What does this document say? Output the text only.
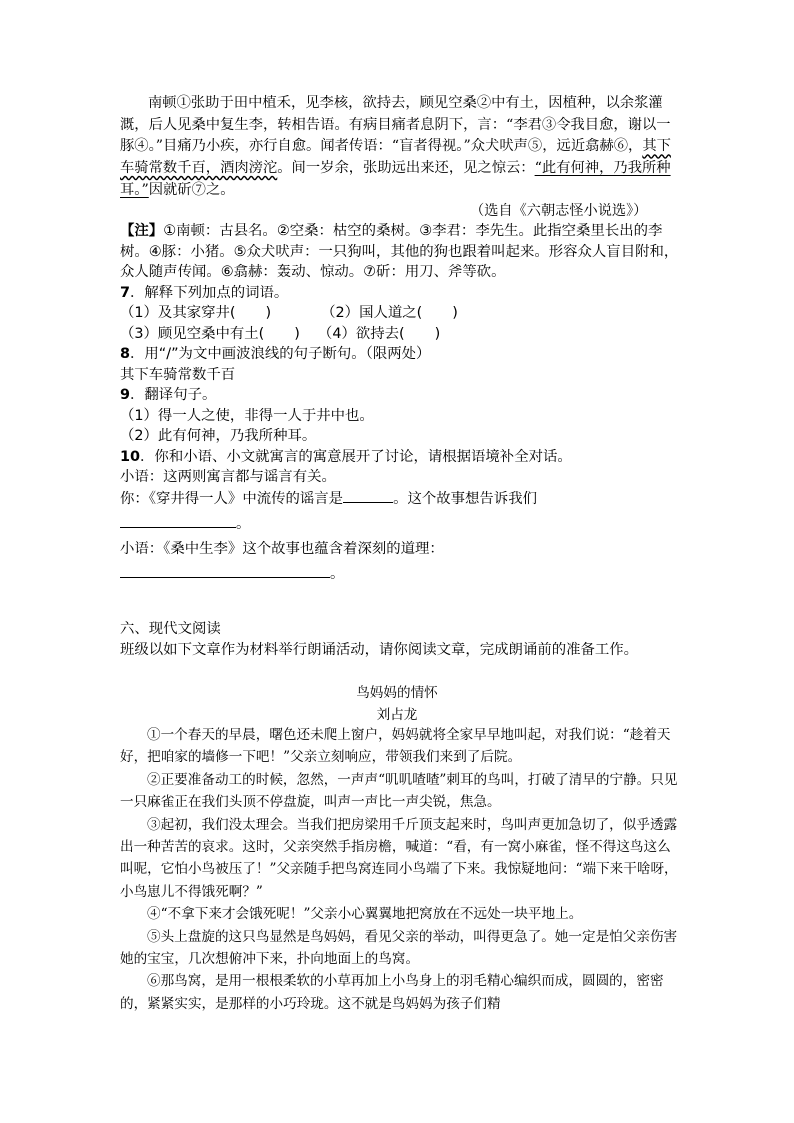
南顿①张助于田中植禾，见李核，欲持去，顾见空桑②中有土，因植种，以余浆灌溉，后人见桑中复生李，转相告语。有病目痛者息阴下，言：“李君③令我目愈，谢以一豚④。”目痛乃小疾，亦行自愈。闻者传语：“盲者得视。”众犬吠声⑤，远近翕赫⑥，其下车骑常数千百，酒肉滂沱。间一岁余，张助远出来还，见之惊云：“此有何神，乃我所种耳。”因就斫⑦之。

（选自《六朝志怪小说选》）
【注】①南顿：古县名。②空桑：枯空的桑树。③李君：李先生。此指空桑里长出的李树。④豚：小猪。⑤众犬吠声：一只狗叫，其他的狗也跟着叫起来。形容众人盲目附和，众人随声传闻。⑥翕赫：轰动、惊动。⑦斫：用刀、斧等砍。
7．解释下列加点的词语。
（1）及其家穿井( )	（2）国人道之( )
（3）顾见空桑中有土( ) （4）欲持去( )
8．用“/”为文中画波浪线的句子断句。（限两处）
其下车骑常数千百
9．翻译句子。
（1）得一人之使，非得一人于井中也。
（2）此有何神，乃我所种耳。
10．你和小语、小文就寓言的寓意展开了讨论，请根据语境补全对话。
小语：这两则寓言都与谣言有关。
你：《穿井得一人》中流传的谣言是	。这个故事想告诉我们
。
小语：《桑中生李》这个故事也蕴含着深刻的道理：
。
六、现代文阅读
班级以如下文章作为材料举行朗诵活动，请你阅读文章，完成朗诵前的准备工作。
鸟妈妈的情怀
刘占龙

①一个春天的早晨，曙色还未爬上窗户，妈妈就将全家早早地叫起，对我们说：“趁着天好，把咱家的墙修一下吧！”父亲立刻响应，带领我们来到了后院。

②正要准备动工的时候，忽然，一声声“叽叽喳喳”刺耳的鸟叫，打破了清早的宁静。只见一只麻雀正在我们头顶不停盘旋，叫声一声比一声尖锐，焦急。

③起初，我们没太理会。当我们把房梁用千斤顶支起来时，鸟叫声更加急切了，似乎透露出一种苦苦的哀求。这时，父亲突然手指房檐，喊道：“看，有一窝小麻雀，怪不得这鸟这么叫呢，它怕小鸟被压了！”父亲随手把鸟窝连同小鸟端了下来。我惊疑地问：“端下来干啥呀，小鸟崽儿不得饿死啊？”

④“不拿下来才会饿死呢！”父亲小心翼翼地把窝放在不远处一块平地上。

⑤头上盘旋的这只鸟显然是鸟妈妈，看见父亲的举动，叫得更急了。她一定是怕父亲伤害她的宝宝，几次想俯冲下来，扑向地面上的鸟窝。

⑥那鸟窝，是用一根根柔软的小草再加上小鸟身上的羽毛精心编织而成，圆圆的，密密的，紧紧实实，是那样的小巧玲珑。这不就是鸟妈妈为孩子们精
